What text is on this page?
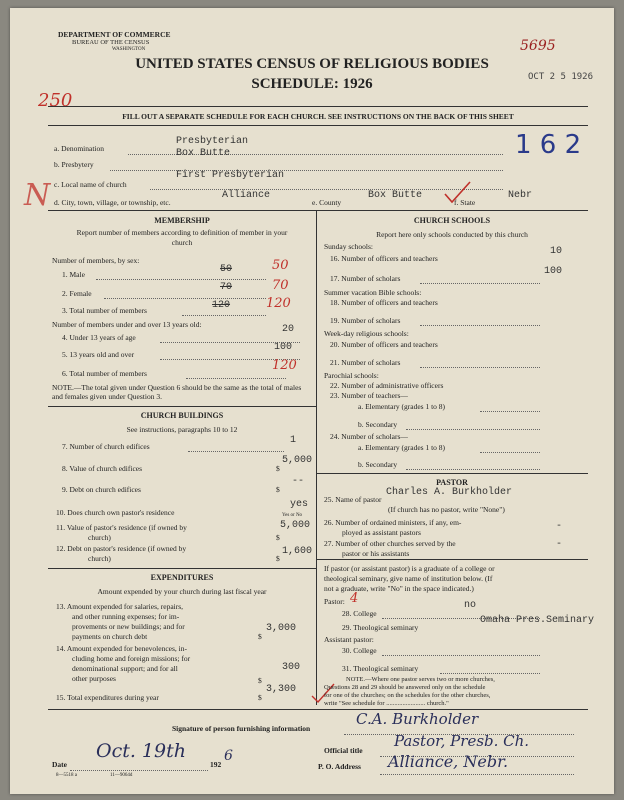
DEPARTMENT OF COMMERCE
BUREAU OF THE CENSUS
WASHINGTON
UNITED STATES CENSUS OF RELIGIOUS BODIES
SCHEDULE: 1926
5695
OCT 2 5 1926
250
1 6 2
N
FILL OUT A SEPARATE SCHEDULE FOR EACH CHURCH. SEE INSTRUCTIONS ON THE BACK OF THIS SHEET
a. Denomination
Presbyterian
b. Presbytery
Box Butte
c. Local name of church
First Presbyterian
d. City, town, village, or township, etc.
Alliance
e. County
Box Butte
f. State
Nebr
MEMBERSHIP
Report number of members according to definition of member in your church
Number of members, by sex:
1. Male	50	50
2. Female
70	70
3. Total number of members	120	120
Number of members under and over 13 years old:
4. Under 13 years of age
20
5. 13 years old and over
100
6. Total number of members
120
NOTE.—The total given under Question 6 should be the same as the total of males and females given under Question 3.
CHURCH BUILDINGS
See instructions, paragraphs 10 to 12
7. Number of church edifices
1
8. Value of church edifices	$
5,000
9. Debt on church edifices	$
--
10. Does church own pastor's residence
yes
Yes or No
11. Value of pastor's residence (if owned by
church)	$
5,000
12. Debt on pastor's residence (if owned by
church)	$
1,600
EXPENDITURES
Amount expended by your church during last fiscal year
13. Amount expended for salaries, repairs,
and other running expenses; for im-
provements or new buildings; and for
payments on church debt	$
3,000
14. Amount expended for benevolences, in-
cluding home and foreign missions; for
denominational support; and for all
other purposes	$
300
15. Total expenditures during year	$
3,300
CHURCH SCHOOLS
Report here only schools conducted by this church
Sunday schools:
16. Number of officers and teachers
10
17. Number of scholars
100
Summer vacation Bible schools:
18. Number of officers and teachers
19. Number of scholars
Week-day religious schools:
20. Number of officers and teachers
21. Number of scholars
Parochial schools:
22. Number of administrative officers
23. Number of teachers—
a. Elementary (grades 1 to 8)
b. Secondary
24. Number of scholars—
a. Elementary (grades 1 to 8)
b. Secondary
PASTOR
25. Name of pastor
Charles A. Burkholder
(If church has no pastor, write "None")
26. Number of ordained ministers, if any, em-
ployed as assistant pastors
-
27. Number of other churches served by the
pastor or his assistants
-
If pastor (or assistant pastor) is a graduate of a college or
theological seminary, give name of institution below. (If
not a graduate, write "No" in the space indicated.)
Pastor: 4
28. College
no
29. Theological seminary
Omaha Pres.Seminary
Assistant pastor:
30. College
31. Theological seminary
NOTE.—Where one pastor serves two or more churches,
Questions 28 and 29 should be answered only on the schedule
for one of the churches; on the schedules for the other churches,
write "See schedule for ........................ church."
Signature of person furnishing information
C.A. Burkholder
Official title
Pastor, Presb. Ch.
Date
Oct. 19th
192
6
P. O. Address Alliance, Nebr.
8—5518 a	11—9064d
